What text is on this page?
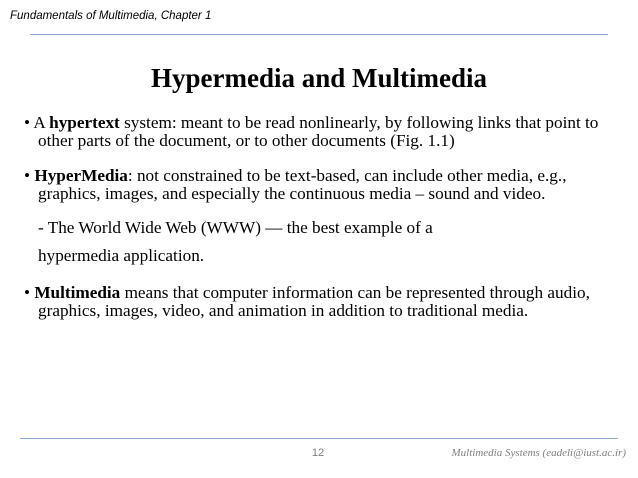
Fundamentals of Multimedia, Chapter 1
Hypermedia and Multimedia

• A hypertext system: meant to be read nonlinearly, by following links that point to other parts of the document, or to other documents (Fig. 1.1)

• HyperMedia: not constrained to be text-based, can include other media, e.g., graphics, images, and especially the continuous media – sound and video.

- The World Wide Web (WWW) — the best example of a
hypermedia application.

• Multimedia means that computer information can be represented through audio, graphics, images, video, and animation in addition to traditional media.

12	Multimedia Systems (eadeli@iust.ac.ir)
